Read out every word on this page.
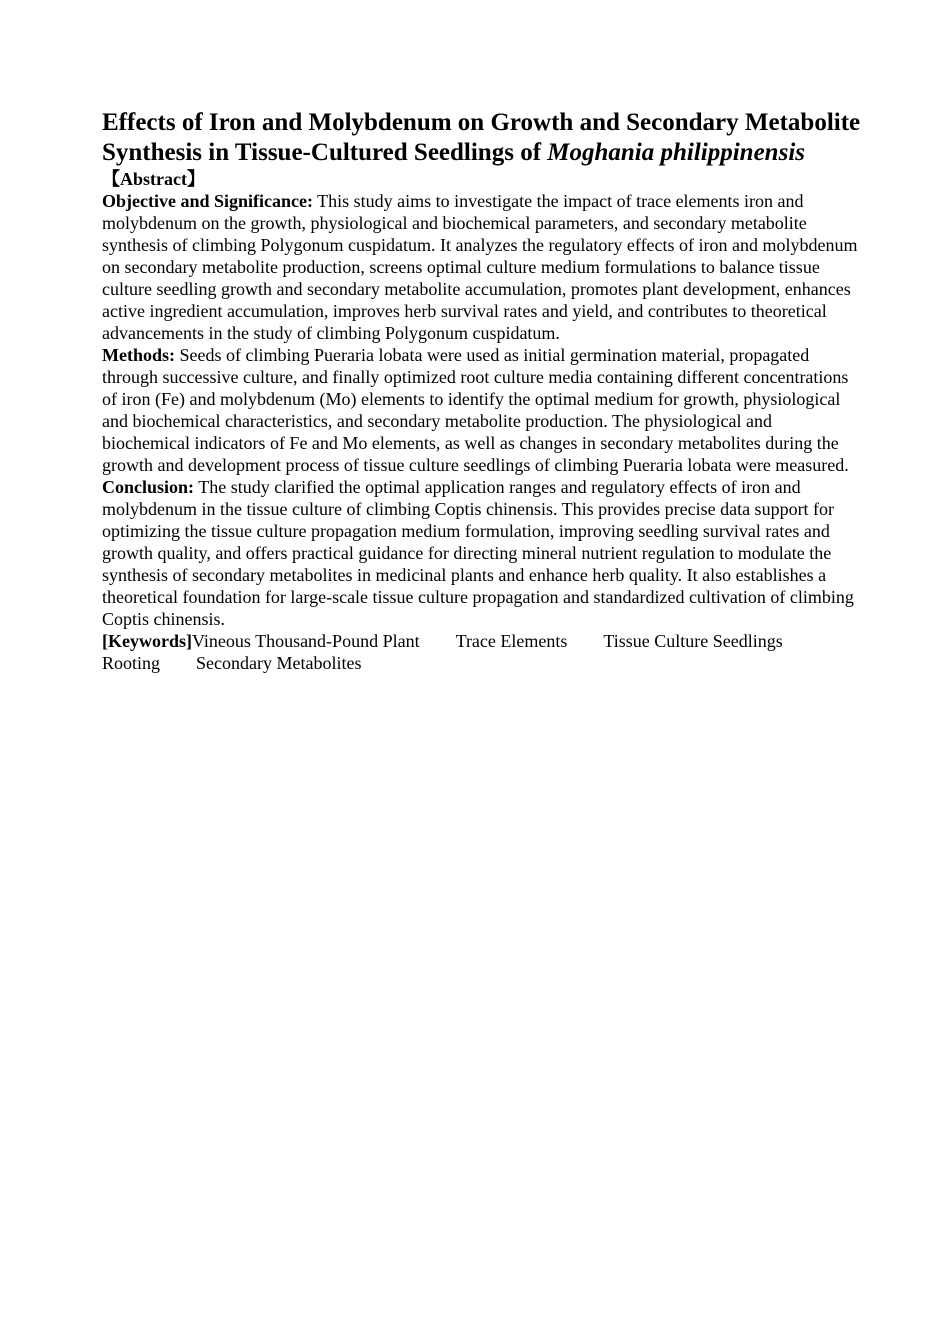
Effects of Iron and Molybdenum on Growth and Secondary Metabolite Synthesis in Tissue-Cultured Seedlings of Moghania philippinensis
【Abstract】

Objective and Significance: This study aims to investigate the impact of trace elements iron and molybdenum on the growth, physiological and biochemical parameters, and secondary metabolite synthesis of climbing Polygonum cuspidatum. It analyzes the regulatory effects of iron and molybdenum on secondary metabolite production, screens optimal culture medium formulations to balance tissue culture seedling growth and secondary metabolite accumulation, promotes plant development, enhances active ingredient accumulation, improves herb survival rates and yield, and contributes to theoretical advancements in the study of climbing Polygonum cuspidatum.

Methods: Seeds of climbing Pueraria lobata were used as initial germination material, propagated through successive culture, and finally optimized root culture media containing different concentrations of iron (Fe) and molybdenum (Mo) elements to identify the optimal medium for growth, physiological and biochemical characteristics, and secondary metabolite production. The physiological and biochemical indicators of Fe and Mo elements, as well as changes in secondary metabolites during the growth and development process of tissue culture seedlings of climbing Pueraria lobata were measured.

Conclusion: The study clarified the optimal application ranges and regulatory effects of iron and molybdenum in the tissue culture of climbing Coptis chinensis. This provides precise data support for optimizing the tissue culture propagation medium formulation, improving seedling survival rates and growth quality, and offers practical guidance for directing mineral nutrient regulation to modulate the synthesis of secondary metabolites in medicinal plants and enhance herb quality. It also establishes a theoretical foundation for large-scale tissue culture propagation and standardized cultivation of climbing Coptis chinensis.

[Keywords]Vineous Thousand-Pound Plant Trace Elements Tissue Culture Seedlings
Rooting Secondary Metabolites
